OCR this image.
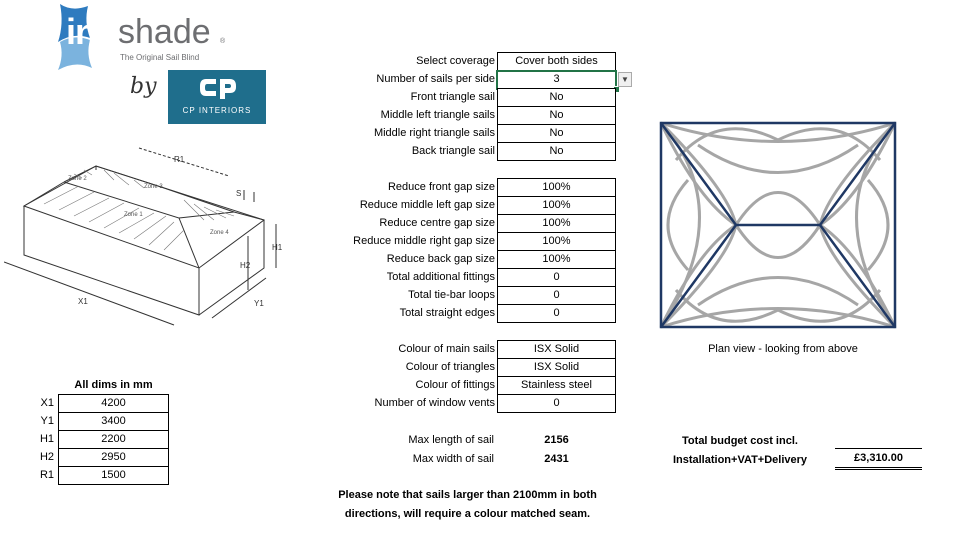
in shade ®
The Original Sail Blind
by
CP INTERIORS
R1
S
H1
H2
X1	Y1
Zone 1
Zone 2
Zone 3
Zone 4
All dims in mm
X1	4200
Y1	3400
H1	2200
H2	2950
R1	1500
Select coverage	Cover both sides
Number of sails per side	3	▼
Front triangle sail	No
Middle left triangle sails	No
Middle right triangle sails	No
Back triangle sail	No
Reduce front gap size	100%
Reduce middle left gap size	100%
Reduce centre gap size	100%
Reduce middle right gap size	100%
Reduce back gap size	100%
Total additional fittings	0
Total tie-bar loops	0
Total straight edges	0
Colour of main sails	ISX Solid
Colour of triangles	ISX Solid
Colour of fittings	Stainless steel
Number of window vents	0
Max length of sail	2156
Max width of sail	2431
Total budget cost incl.
Installation+VAT+Delivery	£3,310.00
Please note that sails larger than 2100mm in both
directions, will require a colour matched seam.
Plan view - looking from above
